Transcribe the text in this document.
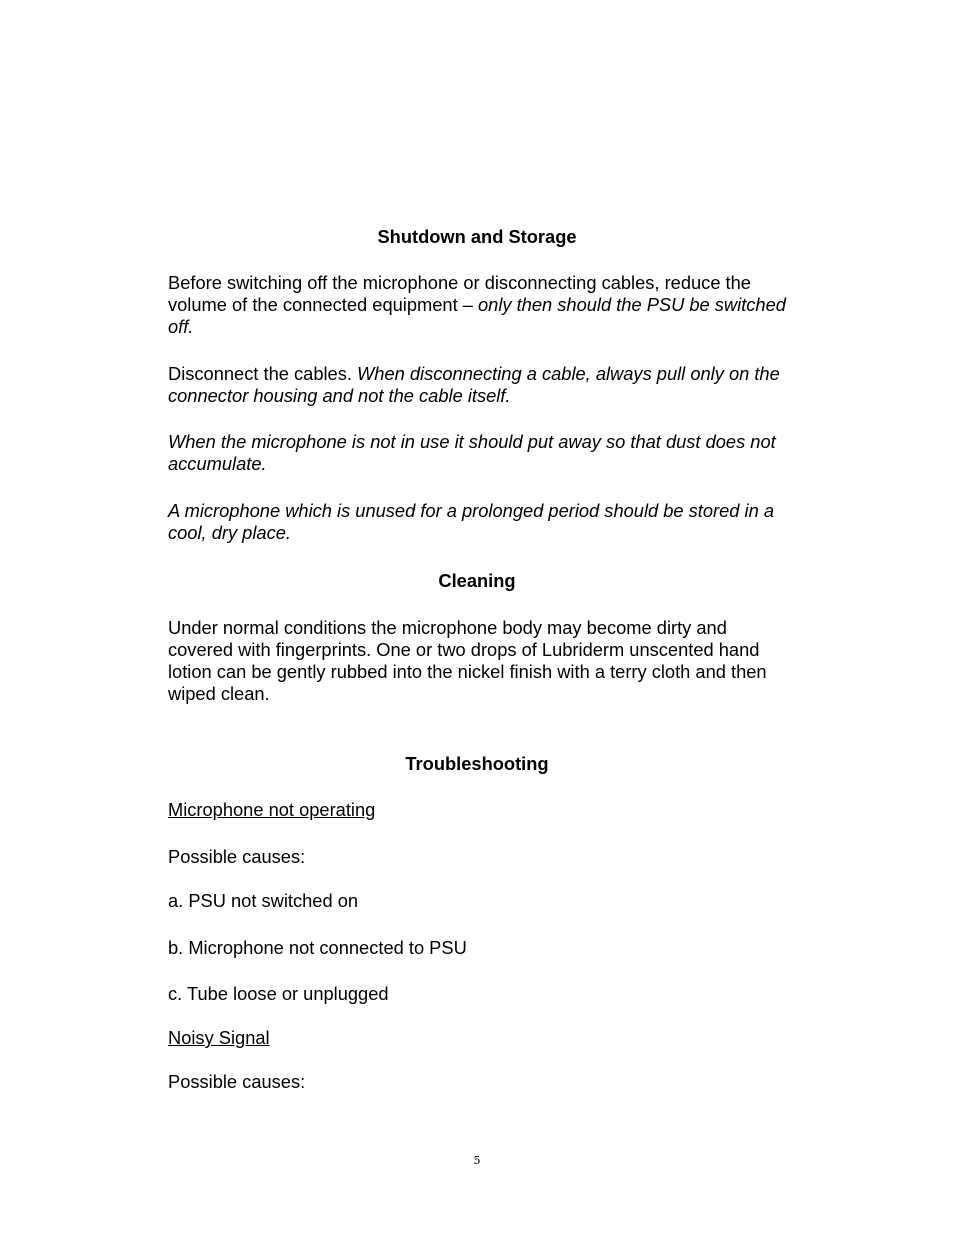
Shutdown and Storage

Before switching off the microphone or disconnecting cables, reduce the volume of the connected equipment – only then should the PSU be switched off.

Disconnect the cables. When disconnecting a cable, always pull only on the connector housing and not the cable itself.

When the microphone is not in use it should put away so that dust does not accumulate.

A microphone which is unused for a prolonged period should be stored in a cool, dry place.

Cleaning

Under normal conditions the microphone body may become dirty and covered with fingerprints. One or two drops of Lubriderm unscented hand lotion can be gently rubbed into the nickel finish with a terry cloth and then wiped clean.

Troubleshooting

Microphone not operating

Possible causes:

a. PSU not switched on

b. Microphone not connected to PSU

c. Tube loose or unplugged

Noisy Signal

Possible causes:

5
